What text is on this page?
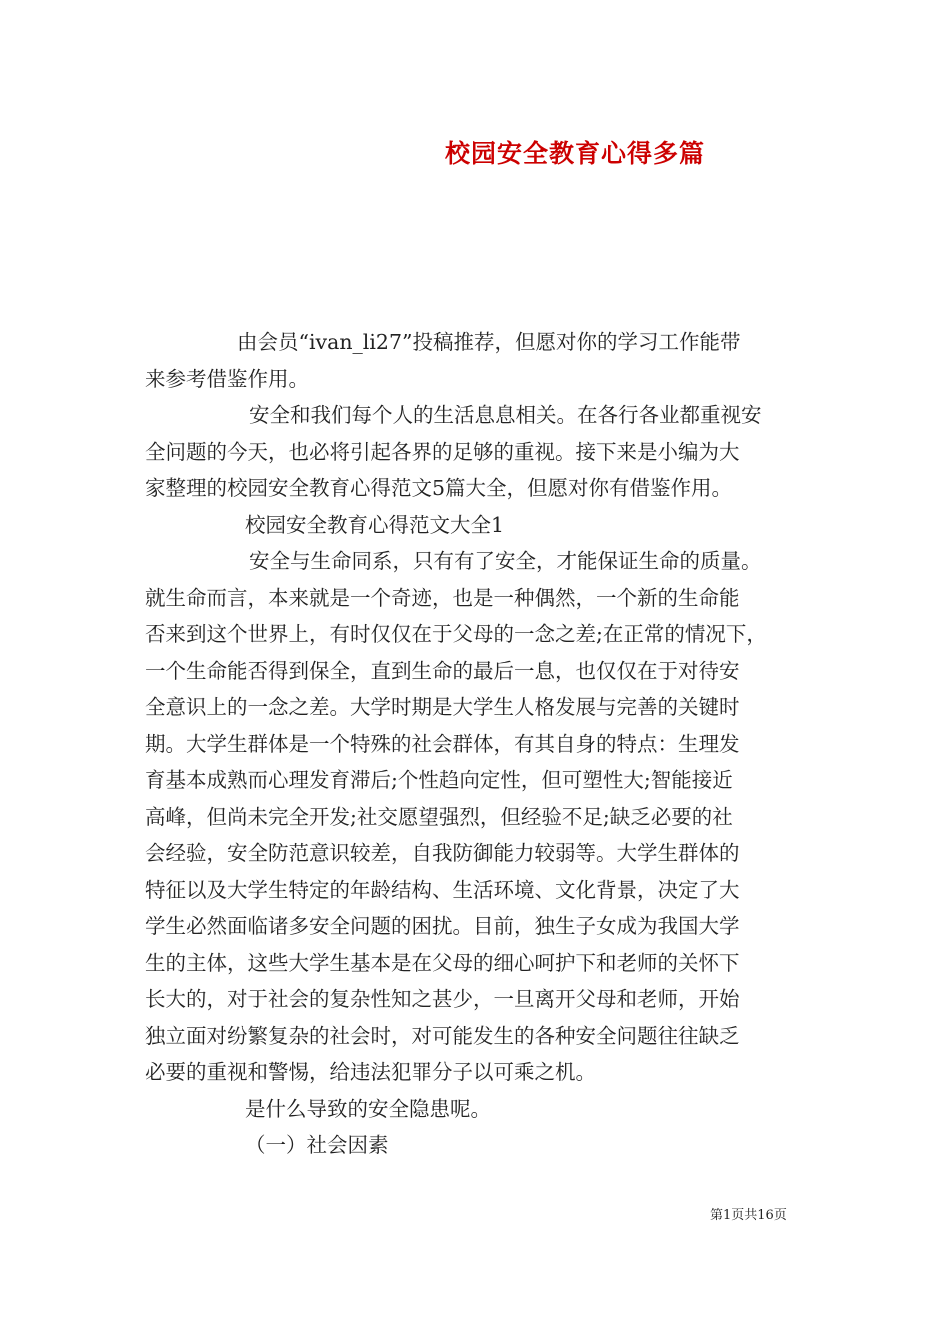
校园安全教育心得多篇

由会员“ivan_li27”投稿推荐，但愿对你的学习工作能带
来参考借鉴作用。

安全和我们每个人的生活息息相关。在各行各业都重视安
全问题的今天，也必将引起各界的足够的重视。接下来是小编为大
家整理的校园安全教育心得范文5篇大全，但愿对你有借鉴作用。

校园安全教育心得范文大全1

安全与生命同系，只有有了安全，才能保证生命的质量。
就生命而言，本来就是一个奇迹，也是一种偶然，一个新的生命能
否来到这个世界上，有时仅仅在于父母的一念之差;在正常的情况下，
一个生命能否得到保全，直到生命的最后一息，也仅仅在于对待安
全意识上的一念之差。大学时期是大学生人格发展与完善的关键时
期。大学生群体是一个特殊的社会群体，有其自身的特点：生理发
育基本成熟而心理发育滞后;个性趋向定性，但可塑性大;智能接近
高峰，但尚未完全开发;社交愿望强烈，但经验不足;缺乏必要的社
会经验，安全防范意识较差，自我防御能力较弱等。大学生群体的
特征以及大学生特定的年龄结构、生活环境、文化背景，决定了大
学生必然面临诸多安全问题的困扰。目前，独生子女成为我国大学
生的主体，这些大学生基本是在父母的细心呵护下和老师的关怀下
长大的，对于社会的复杂性知之甚少，一旦离开父母和老师，开始
独立面对纷繁复杂的社会时，对可能发生的各种安全问题往往缺乏
必要的重视和警惕，给违法犯罪分子以可乘之机。

是什么导致的安全隐患呢。

（一）社会因素

第1页共16页
